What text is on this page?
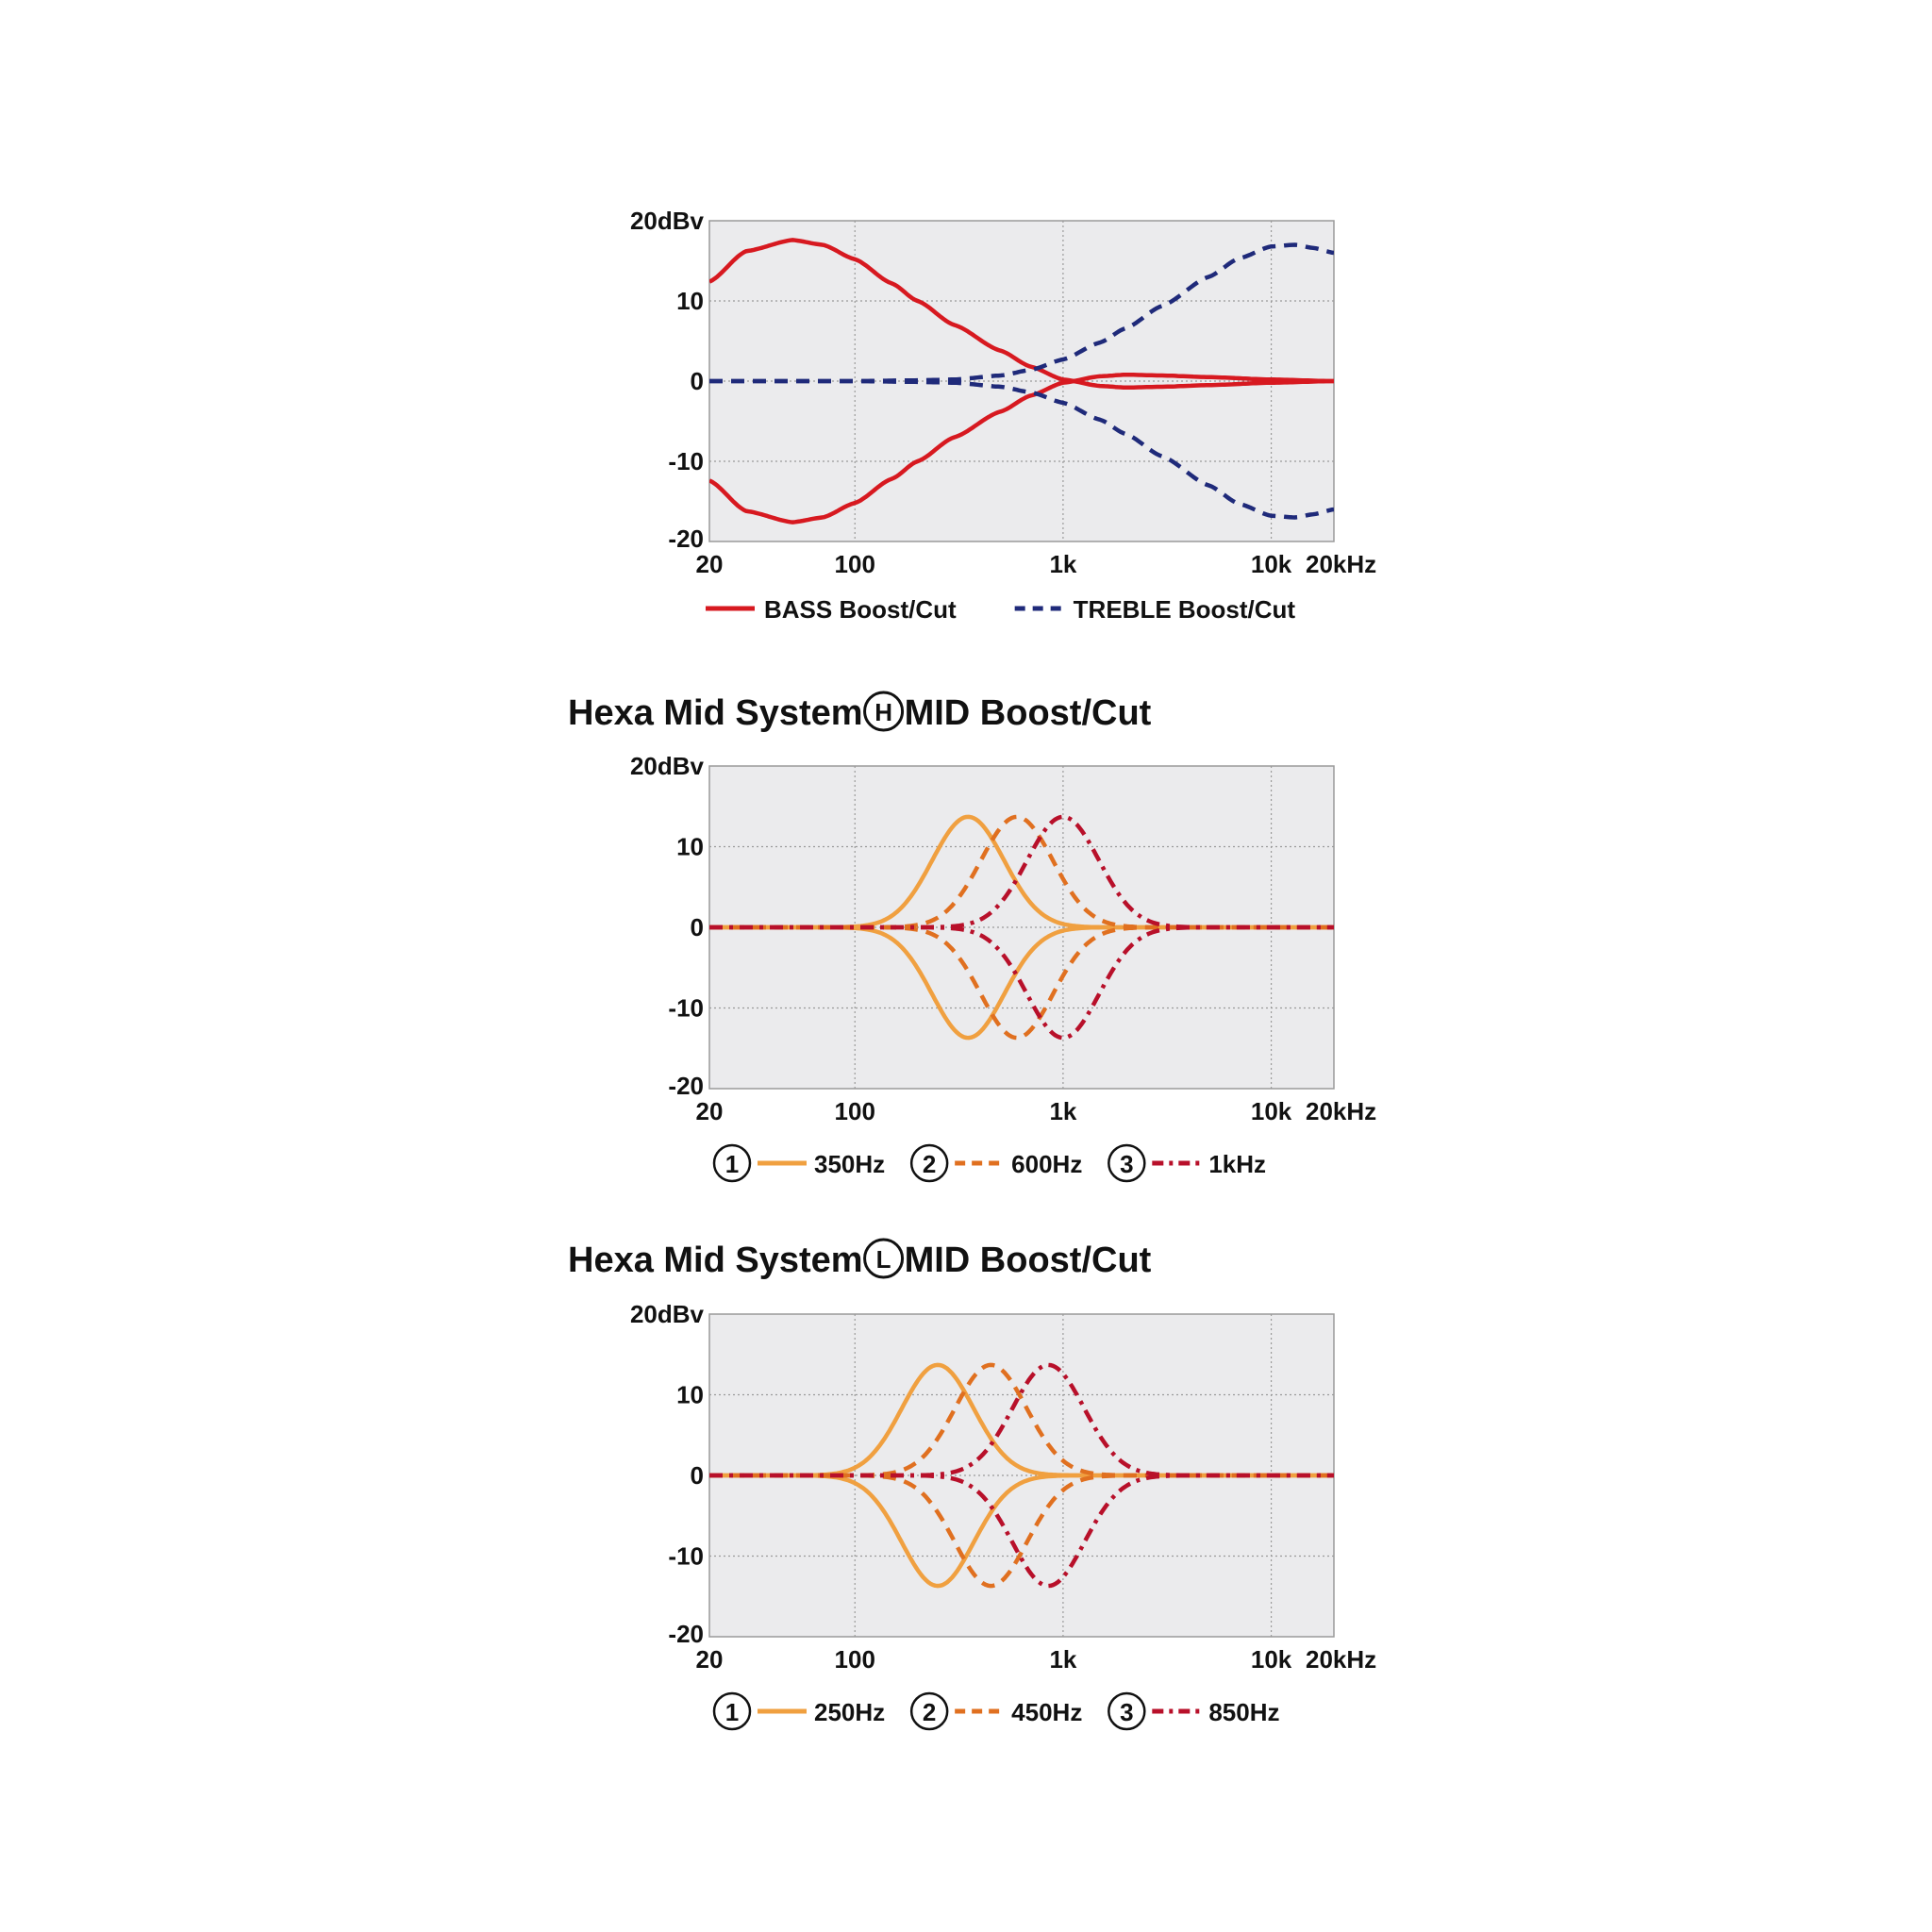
20dBv
10
0
-10
-20
20	100	1k	10k 20kHz
BASS Boost/Cut	TREBLE Boost/Cut
Hexa Mid System H MID Boost/Cut
20dBv
10
0
-10
-20
20	100	1k	10k 20kHz
1	350Hz 2	600Hz 3	1kHz
Hexa Mid System L MID Boost/Cut
20dBv
10
0
-10
-20
20	100	1k	10k 20kHz
1	250Hz 2	450Hz 3	850Hz
